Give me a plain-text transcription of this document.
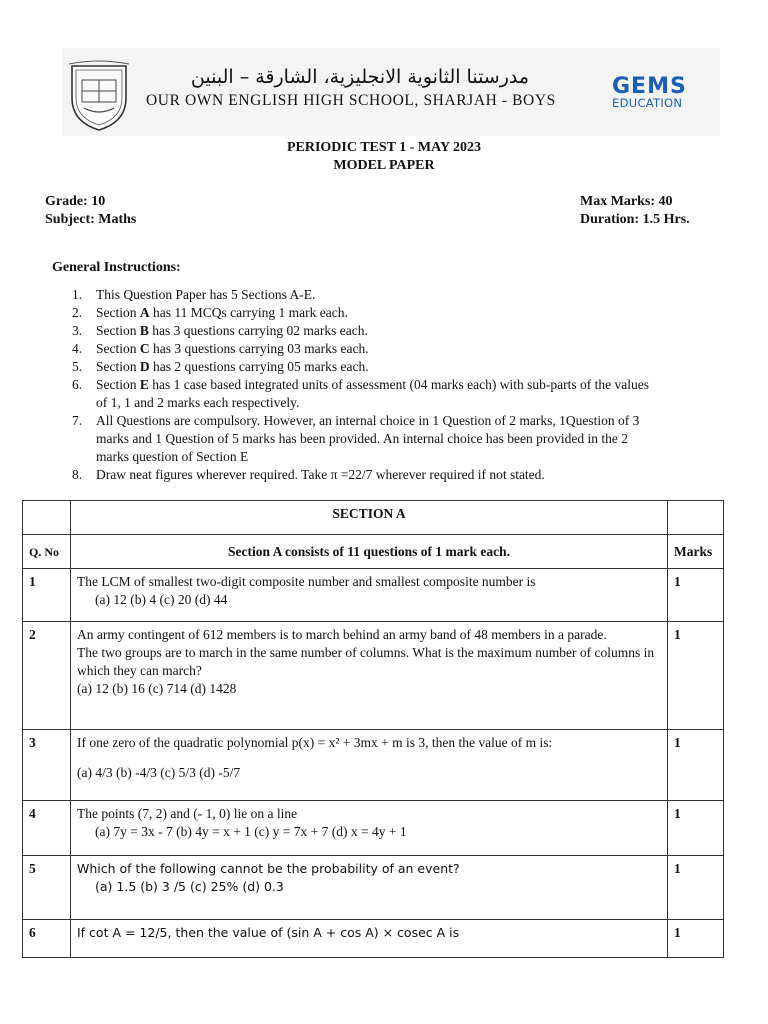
مدرستنا الثانوية الانجليزية، الشارقة – البنين
OUR OWN ENGLISH HIGH SCHOOL, SHARJAH - BOYS
GEMS
EDUCATION
PERIODIC TEST 1 - MAY 2023
MODEL PAPER
Grade: 10
Subject: Maths
Max Marks: 40
Duration: 1.5 Hrs.
General Instructions:
1. This Question Paper has 5 Sections A-E.
2. Section A has 11 MCQs carrying 1 mark each.
3. Section B has 3 questions carrying 02 marks each.
4. Section C has 3 questions carrying 03 marks each.
5. Section D has 2 questions carrying 05 marks each.
6. Section E has 1 case based integrated units of assessment (04 marks each) with sub-parts of the values of 1, 1 and 2 marks each respectively.
7. All Questions are compulsory. However, an internal choice in 1 Question of 2 marks, 1Question of 3 marks and 1 Question of 5 marks has been provided. An internal choice has been provided in the 2 marks question of Section E
8. Draw neat figures wherever required. Take π =22/7 wherever required if not stated.
	SECTION A	
Q. No	Section A consists of 11 questions of 1 mark each.	Marks
1	The LCM of smallest two-digit composite number and smallest composite number is
(a) 12 (b) 4 (c) 20 (d) 44	1
2	An army contingent of 612 members is to march behind an army band of 48 members in a parade.
The two groups are to march in the same number of columns. What is the maximum number of columns in which they can march?
(a) 12 (b) 16 (c) 714 (d) 1428	1
3	If one zero of the quadratic polynomial p(x) = x² + 3mx + m is 3, then the value of m is:
(a) 4/3 (b) -4/3 (c) 5/3 (d) -5/7	1
4	The points (7, 2) and (- 1, 0) lie on a line
(a) 7y = 3x - 7 (b) 4y = x + 1 (c) y = 7x + 7 (d) x = 4y + 1	1
5	Which of the following cannot be the probability of an event?
(a) 1.5 (b) 3 /5 (c) 25% (d) 0.3	1
6	If cot A = 12/5, then the value of (sin A + cos A) × cosec A is	1
